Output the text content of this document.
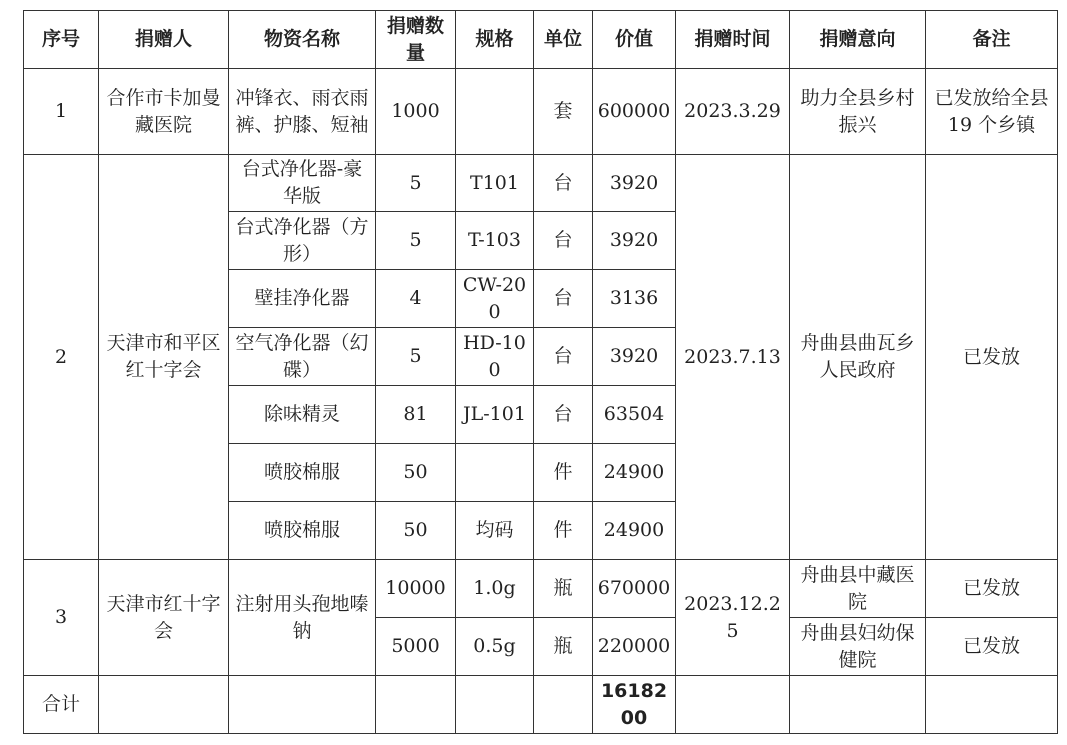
序号	捐赠人	物资名称	捐赠数量	规格	单位	价值	捐赠时间	捐赠意向	备注
1	合作市卡加曼藏医院	冲锋衣、雨衣雨裤、护膝、短袖	1000		套	600000	2023.3.29	助力全县乡村振兴	已发放给全县 19 个乡镇
2	天津市和平区红十字会	台式净化器-豪华版	5	T101	台	3920	2023.7.13	舟曲县曲瓦乡人民政府	已发放
		台式净化器（方形）	5	T-103	台	3920			
		壁挂净化器	4	CW-200	台	3136			
		空气净化器（幻碟）	5	HD-100	台	3920			
		除味精灵	81	JL-101	台	63504			
		喷胶棉服	50		件	24900			
		喷胶棉服	50	均码	件	24900			
3	天津市红十字会	注射用头孢地嗪钠	10000	1.0g	瓶	670000	2023.12.25	舟曲县中藏医院	已发放
			5000	0.5g	瓶	220000		舟曲县妇幼保健院	已发放
合计						1618200			
